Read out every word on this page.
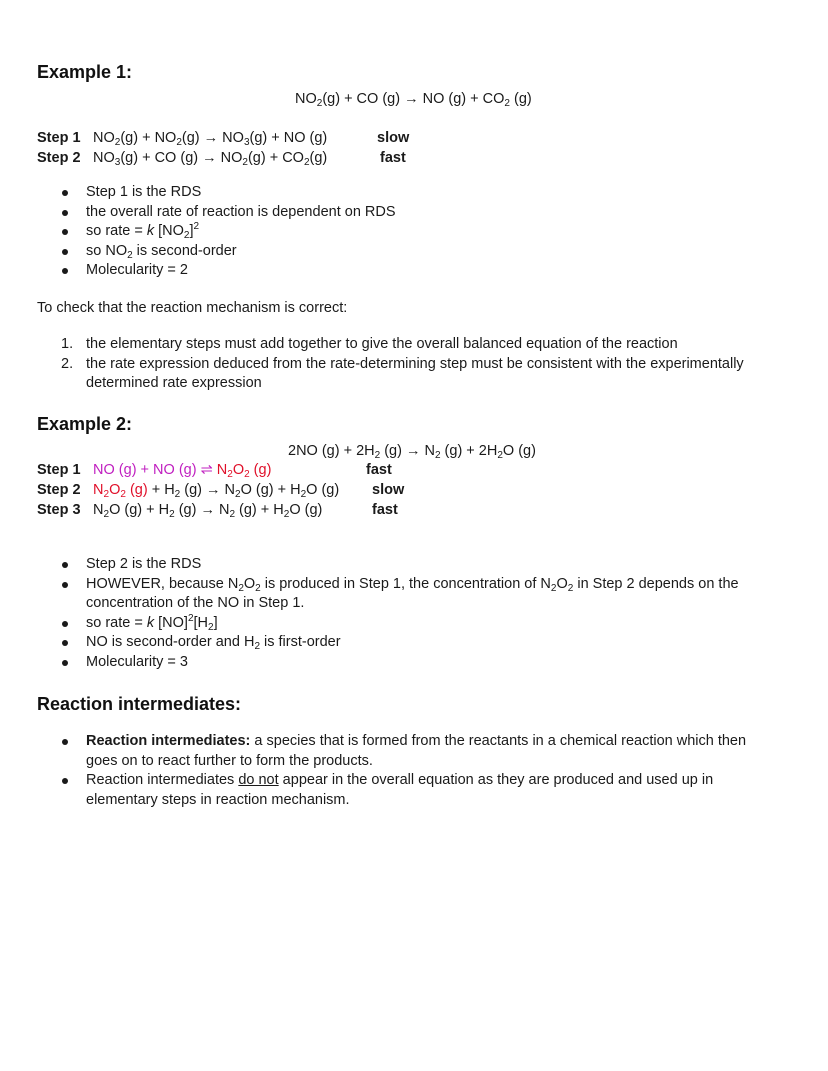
Example 1:
$NO_2(g)$ + CO (g) → NO $(g) + CO_2$ (g)
Step 1 $NO_2(g) + NO_2(g) \to NO_3(g)$ + NO (g)	slow
Step 2 $NO_3(g)$ + CO $(g) \to NO_2(g) + CO_2(g)$	fast
Step 1 is the RDS
the overall rate of reaction is dependent on RDS
so rate = k $[NO_2]^2$
so $NO_2$ is second-order
Molecularity = 2
To check that the reaction mechanism is correct:
1. the elementary steps must add together to give the overall balanced equation of the reaction
2. the rate expression deduced from the rate-determining step must be consistent with the experimentally
determined rate expression
Example 2:
2NO $(g) + 2H_2$ $(g) \to N_2$ $(g) + 2H_2O$ (g)
Step 1 NO (g) + NO (g) ⇌ $N_2O_2$ (g)	fast
Step 2 $N_2O_2$ $(g) + H_2$ $(g) \to N_2O$ $(g) + H_2O$ (g) slow
Step 3 $N_2O$ $(g) + H_2$ $(g) \to N_2$ $(g) + H_2O$ (g)	fast
Step 2 is the RDS
HOWEVER, because $N_2O_2$ is produced in Step 1, the concentration of $N_2O_2$ in Step 2 depends on the
concentration of the NO in Step 1.
so rate = k $[NO]^2[H_2]$
NO is second-order and $H_2$ is first-order
Molecularity = 3
Reaction intermediates:
Reaction intermediates: a species that is formed from the reactants in a chemical reaction which then
goes on to react further to form the products.
Reaction intermediates do not appear in the overall equation as they are produced and used up in
elementary steps in reaction mechanism.
